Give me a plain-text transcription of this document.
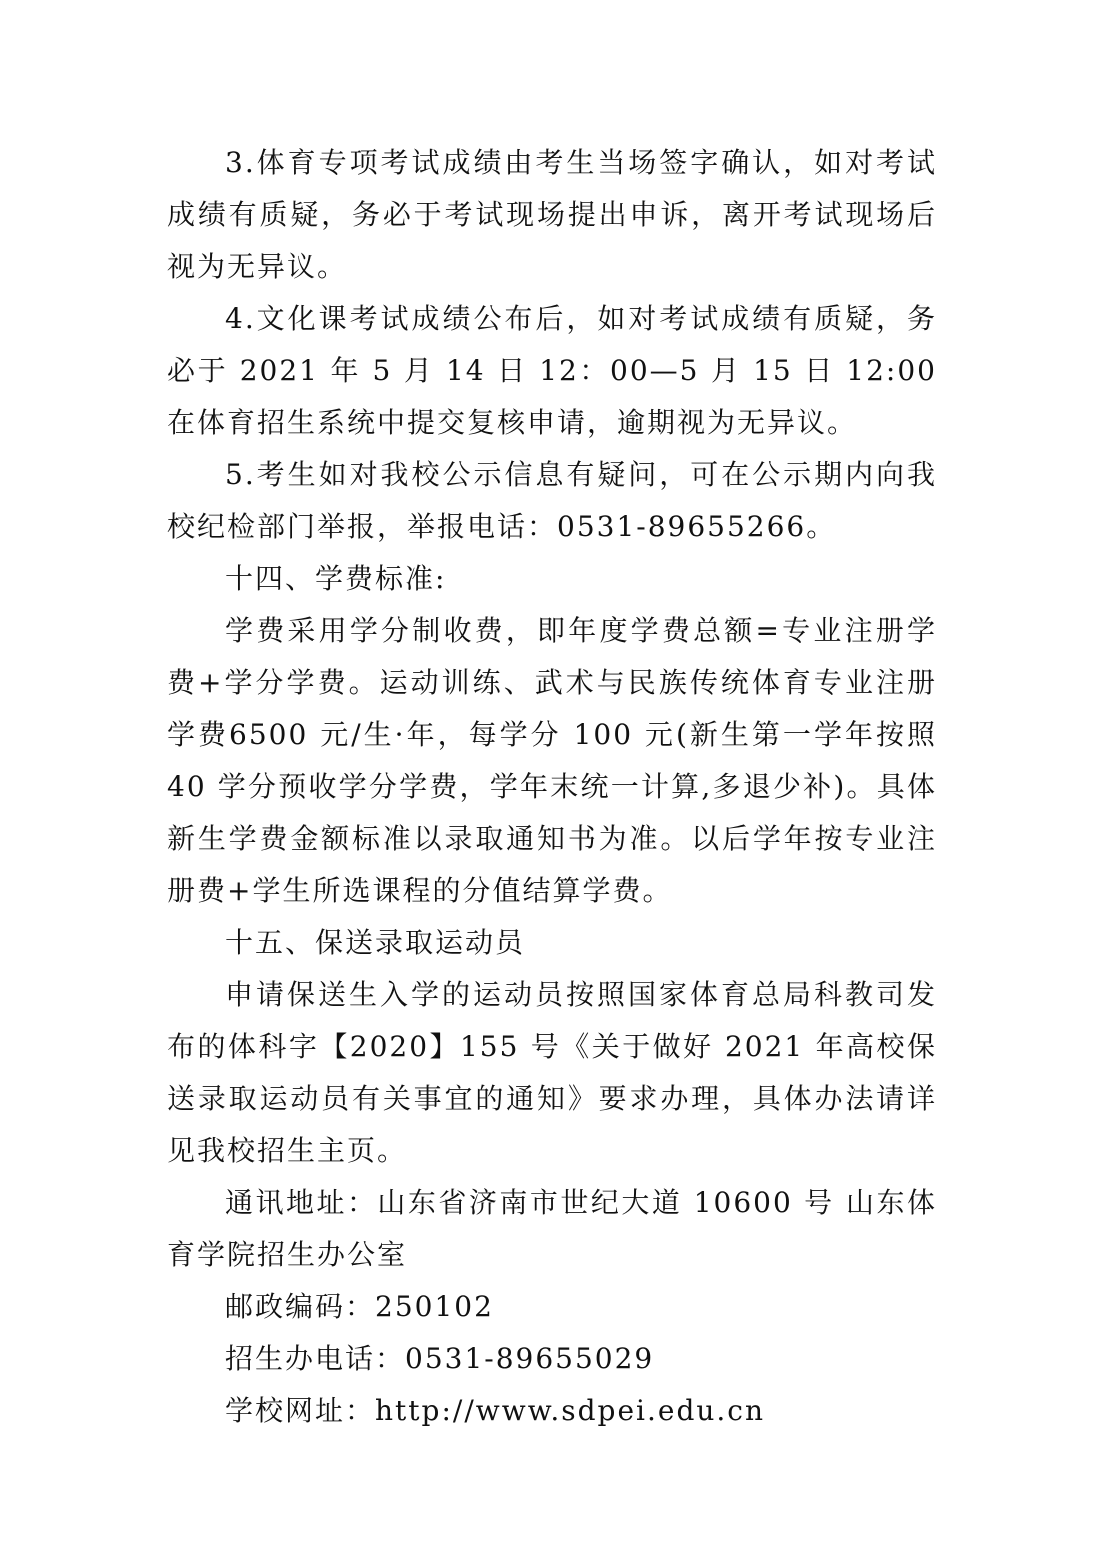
3.体育专项考试成绩由考生当场签字确认，如对考试成绩有质疑，务必于考试现场提出申诉，离开考试现场后视为无异议。

4.文化课考试成绩公布后，如对考试成绩有质疑，务必于 2021 年 5 月 14 日 12：00—5 月 15 日 12:00 在体育招生系统中提交复核申请，逾期视为无异议。

5.考生如对我校公示信息有疑问，可在公示期内向我校纪检部门举报，举报电话：0531-89655266。

十四、学费标准:

学费采用学分制收费，即年度学费总额=专业注册学费+学分学费。运动训练、武术与民族传统体育专业注册学费6500 元/生·年，每学分 100 元(新生第一学年按照 40 学分预收学分学费，学年末统一计算,多退少补)。具体新生学费金额标准以录取通知书为准。以后学年按专业注册费+学生所选课程的分值结算学费。

十五、保送录取运动员

申请保送生入学的运动员按照国家体育总局科教司发布的体科字【2020】155 号《关于做好 2021 年高校保送录取运动员有关事宜的通知》要求办理，具体办法请详见我校招生主页。

通讯地址：山东省济南市世纪大道 10600 号 山东体育学院招生办公室

邮政编码：250102

招生办电话：0531-89655029

学校网址：http://www.sdpei.edu.cn
